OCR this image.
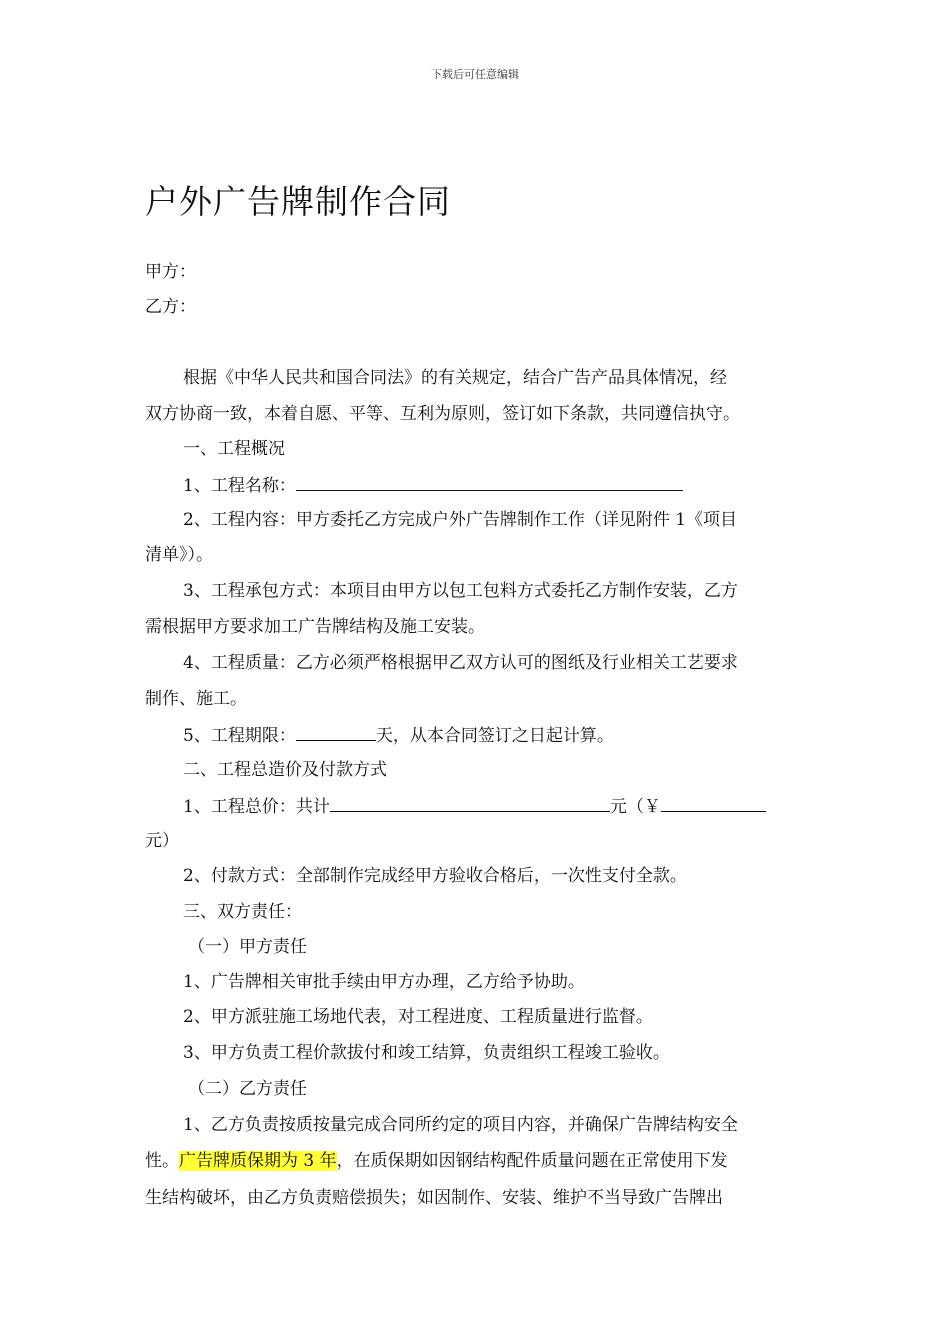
下载后可任意编辑
户外广告牌制作合同
甲方：
乙方：
根据《中华人民共和国合同法》的有关规定，结合广告产品具体情况，经
双方协商一致，本着自愿、平等、互利为原则，签订如下条款，共同遵信执守。
一、工程概况
1、工程名称：
2、工程内容：甲方委托乙方完成户外广告牌制作工作（详见附件 1《项目
清单》）。
3、工程承包方式：本项目由甲方以包工包料方式委托乙方制作安装，乙方
需根据甲方要求加工广告牌结构及施工安装。
4、工程质量：乙方必须严格根据甲乙双方认可的图纸及行业相关工艺要求
制作、施工。
5、工程期限：	天，从本合同签订之日起计算。
二、工程总造价及付款方式
1、工程总价：共计	元（￥
元）
2、付款方式：全部制作完成经甲方验收合格后，一次性支付全款。
三、双方责任：
（一）甲方责任
1、广告牌相关审批手续由甲方办理，乙方给予协助。
2、甲方派驻施工场地代表，对工程进度、工程质量进行监督。
3、甲方负责工程价款拔付和竣工结算，负责组织工程竣工验收。
（二）乙方责任
1、乙方负责按质按量完成合同所约定的项目内容，并确保广告牌结构安全
性。广告牌质保期为 3 年，在质保期如因钢结构配件质量问题在正常使用下发
生结构破坏，由乙方负责赔偿损失；如因制作、安装、维护不当导致广告牌出
